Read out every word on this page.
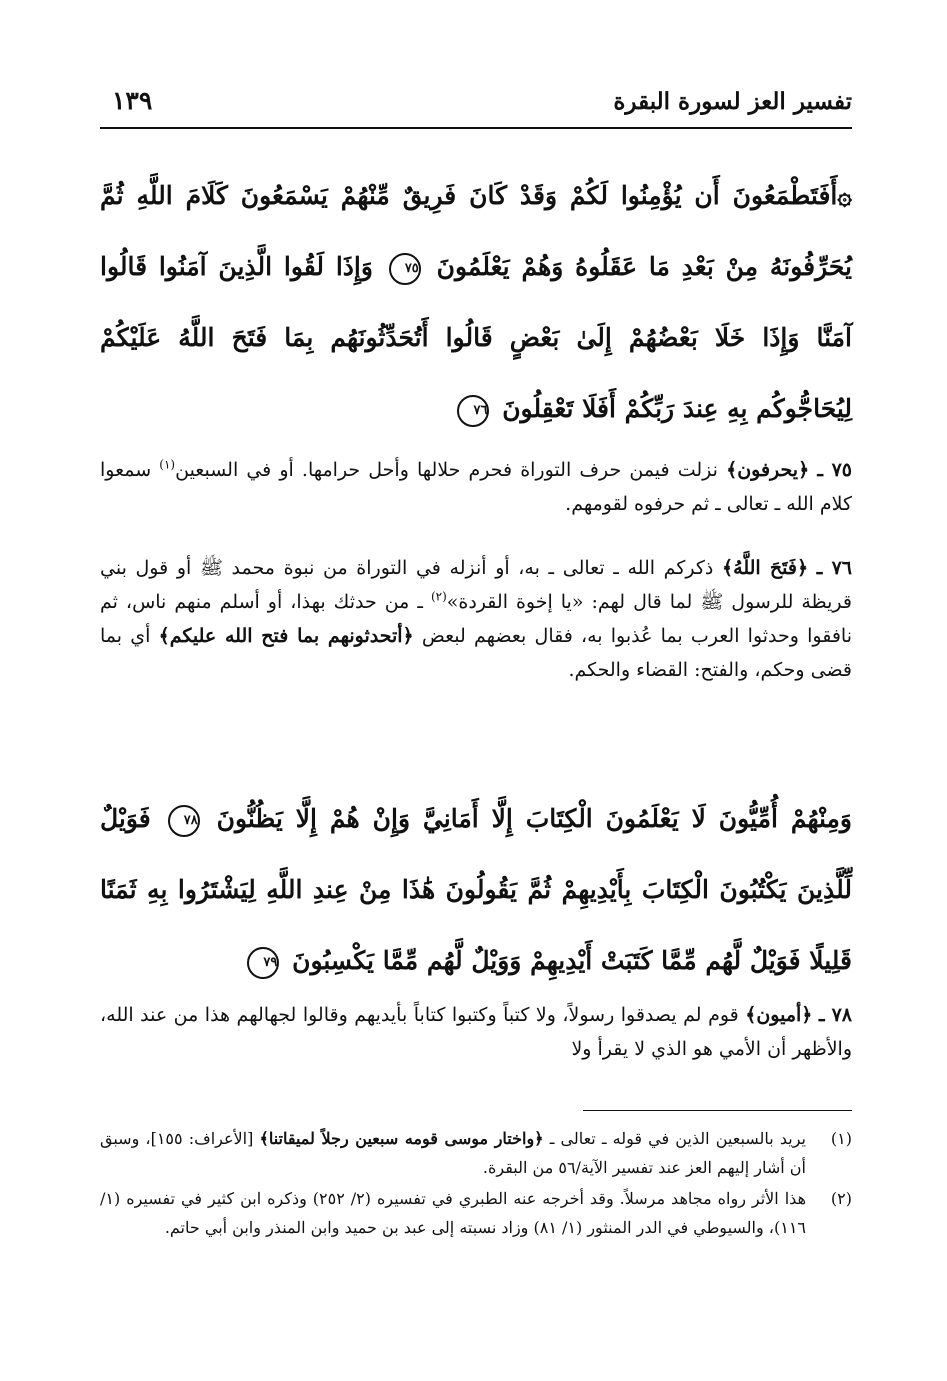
تفسير العز لسورة البقرة
١٣٩
۞أَفَتَطْمَعُونَ أَن يُؤْمِنُوا لَكُمْ وَقَدْ كَانَ فَرِيقٌ مِّنْهُمْ يَسْمَعُونَ كَلَامَ اللَّهِ ثُمَّ يُحَرِّفُونَهُ مِنْ بَعْدِ مَا عَقَلُوهُ وَهُمْ يَعْلَمُونَ ٧٥ وَإِذَا لَقُوا الَّذِينَ آمَنُوا قَالُوا آمَنَّا وَإِذَا خَلَا بَعْضُهُمْ إِلَىٰ بَعْضٍ قَالُوا أَتُحَدِّثُونَهُم بِمَا فَتَحَ اللَّهُ عَلَيْكُمْ لِيُحَاجُّوكُم بِهِ عِندَ رَبِّكُمْ أَفَلَا تَعْقِلُونَ ٧٦
٧٥ ـ ﴿يحرفون﴾ نزلت فيمن حرف التوراة فحرم حلالها وأحل حرامها. أو في السبعين$^{(١)}$ سمعوا كلام الله ـ تعالى ـ ثم حرفوه لقومهم.
٧٦ ـ ﴿فَتَحَ اللَّهُ﴾ ذكركم الله ـ تعالى ـ به، أو أنزله في التوراة من نبوة محمد ﷺ أو قول بني قريظة للرسول ﷺ لما قال لهم: «يا إخوة القردة»$^{(٢)}$ ـ من حدثك بهذا، أو أسلم منهم ناس، ثم نافقوا وحدثوا العرب بما عُذبوا به، فقال بعضهم لبعض ﴿أتحدثونهم بما فتح الله عليكم﴾ أي بما قضى وحكم، والفتح: القضاء والحكم.
وَمِنْهُمْ أُمِّيُّونَ لَا يَعْلَمُونَ الْكِتَابَ إِلَّا أَمَانِيَّ وَإِنْ هُمْ إِلَّا يَظُنُّونَ ٧٨ فَوَيْلٌ لِّلَّذِينَ يَكْتُبُونَ الْكِتَابَ بِأَيْدِيهِمْ ثُمَّ يَقُولُونَ هَٰذَا مِنْ عِندِ اللَّهِ لِيَشْتَرُوا بِهِ ثَمَنًا قَلِيلًا فَوَيْلٌ لَّهُم مِّمَّا كَتَبَتْ أَيْدِيهِمْ وَوَيْلٌ لَّهُم مِّمَّا يَكْسِبُونَ ٧٩
٧٨ ـ ﴿أميون﴾ قوم لم يصدقوا رسولاً، ولا كتباً وكتبوا كتاباً بأيديهم وقالوا لجهالهم هذا من عند الله، والأظهر أن الأمي هو الذي لا يقرأ ولا
(١)
يريد بالسبعين الذين في قوله ـ تعالى ـ ﴿واختار موسى قومه سبعين رجلاً لميقاتنا﴾ [الأعراف: ١٥٥]، وسبق أن أشار إليهم العز عند تفسير الآية/٥٦ من البقرة.
(٢)
هذا الأثر رواه مجاهد مرسلاً. وقد أخرجه عنه الطبري في تفسيره (٢/ ٢٥٢) وذكره ابن كثير في تفسيره (١/ ١١٦)، والسيوطي في الدر المنثور (١/ ٨١) وزاد نسبته إلى عبد بن حميد وابن المنذر وابن أبي حاتم.
